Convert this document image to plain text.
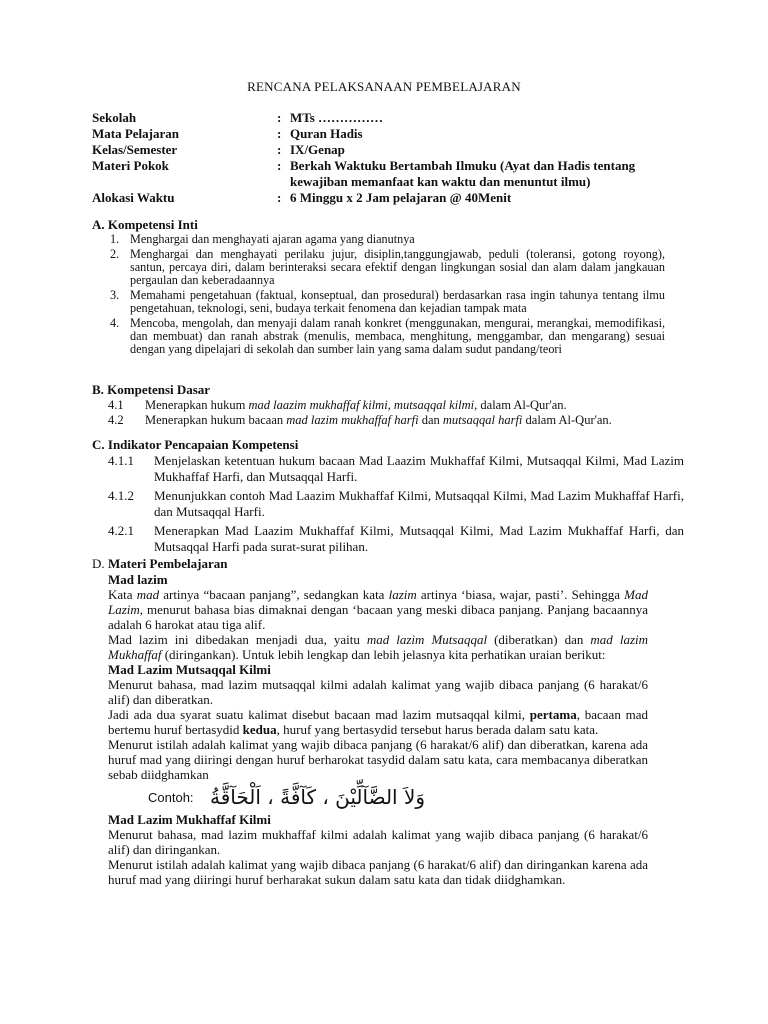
RENCANA PELAKSANAAN PEMBELAJARAN
Sekolah	: MTs ……………
Mata Pelajaran	: Quran Hadis
Kelas/Semester	: IX/Genap
Materi Pokok	: Berkah Waktuku Bertambah Ilmuku (Ayat dan Hadis tentang kewajiban memanfaat kan waktu dan menuntut ilmu)
Alokasi Waktu	: 6 Minggu x 2 Jam pelajaran @ 40Menit
A. Kompetensi Inti
1. Menghargai dan menghayati ajaran agama yang dianutnya
2. Menghargai dan menghayati perilaku jujur, disiplin,tanggungjawab, peduli (toleransi, gotong royong), santun, percaya diri, dalam berinteraksi secara efektif dengan lingkungan sosial dan alam dalam jangkauan pergaulan dan keberadaannya
3. Memahami pengetahuan (faktual, konseptual, dan prosedural) berdasarkan rasa ingin tahunya tentang ilmu pengetahuan, teknologi, seni, budaya terkait fenomena dan kejadian tampak mata
4. Mencoba, mengolah, dan menyaji dalam ranah konkret (menggunakan, mengurai, merangkai, memodifikasi, dan membuat) dan ranah abstrak (menulis, membaca, menghitung, menggambar, dan mengarang) sesuai dengan yang dipelajari di sekolah dan sumber lain yang sama dalam sudut pandang/teori
B. Kompetensi Dasar
4.1	Menerapkan hukum mad laazim mukhaffaf kilmi, mutsaqqal kilmi, dalam Al-Qur'an.
4.2	Menerapkan hukum bacaan mad lazim mukhaffaf harfi dan mutsaqqal harfi dalam Al-Qur'an.
C. Indikator Pencapaian Kompetensi
4.1.1	Menjelaskan ketentuan hukum bacaan Mad Laazim Mukhaffaf Kilmi, Mutsaqqal Kilmi, Mad Lazim Mukhaffaf Harfi, dan Mutsaqqal Harfi.
4.1.2	Menunjukkan contoh Mad Laazim Mukhaffaf Kilmi, Mutsaqqal Kilmi, Mad Lazim Mukhaffaf Harfi, dan Mutsaqqal Harfi.
4.2.1	Menerapkan Mad Laazim Mukhaffaf Kilmi, Mutsaqqal Kilmi, Mad Lazim Mukhaffaf Harfi, dan Mutsaqqal Harfi pada surat-surat pilihan.
D. Materi Pembelajaran
Mad lazim
Kata mad artinya “bacaan panjang”, sedangkan kata lazim artinya ‘biasa, wajar, pasti’. Sehingga Mad Lazim, menurut bahasa bias dimaknai dengan ‘bacaan yang meski dibaca panjang. Panjang bacaannya adalah 6 harokat atau tiga alif.
Mad lazim ini dibedakan menjadi dua, yaitu mad lazim Mutsaqqal (diberatkan) dan mad lazim Mukhaffaf (diringankan). Untuk lebih lengkap dan lebih jelasnya kita perhatikan uraian berikut:
Mad Lazim Mutsaqqal Kilmi
Menurut bahasa, mad lazim mutsaqqal kilmi adalah kalimat yang wajib dibaca panjang (6 harakat/6 alif) dan diberatkan.
Jadi ada dua syarat suatu kalimat disebut bacaan mad lazim mutsaqqal kilmi, pertama, bacaan mad bertemu huruf bertasydid kedua, huruf yang bertasydid tersebut harus berada dalam satu kata.
Menurut istilah adalah kalimat yang wajib dibaca panjang (6 harakat/6 alif) dan diberatkan, karena ada huruf mad yang diiringi dengan huruf berharokat tasydid dalam satu kata, cara membacanya diberatkan sebab diidghamkan
Contoh: وَلاَ الضَّآلِّيْنَ ، كَآفَّةً ، اَلْحَآقَّةُ
Mad Lazim Mukhaffaf Kilmi
Menurut bahasa, mad lazim mukhaffaf kilmi adalah kalimat yang wajib dibaca panjang (6 harakat/6 alif) dan diringankan.
Menurut istilah adalah kalimat yang wajib dibaca panjang (6 harakat/6 alif) dan diringankan karena ada huruf mad yang diiringi huruf berharakat sukun dalam satu kata dan tidak diidghamkan.
